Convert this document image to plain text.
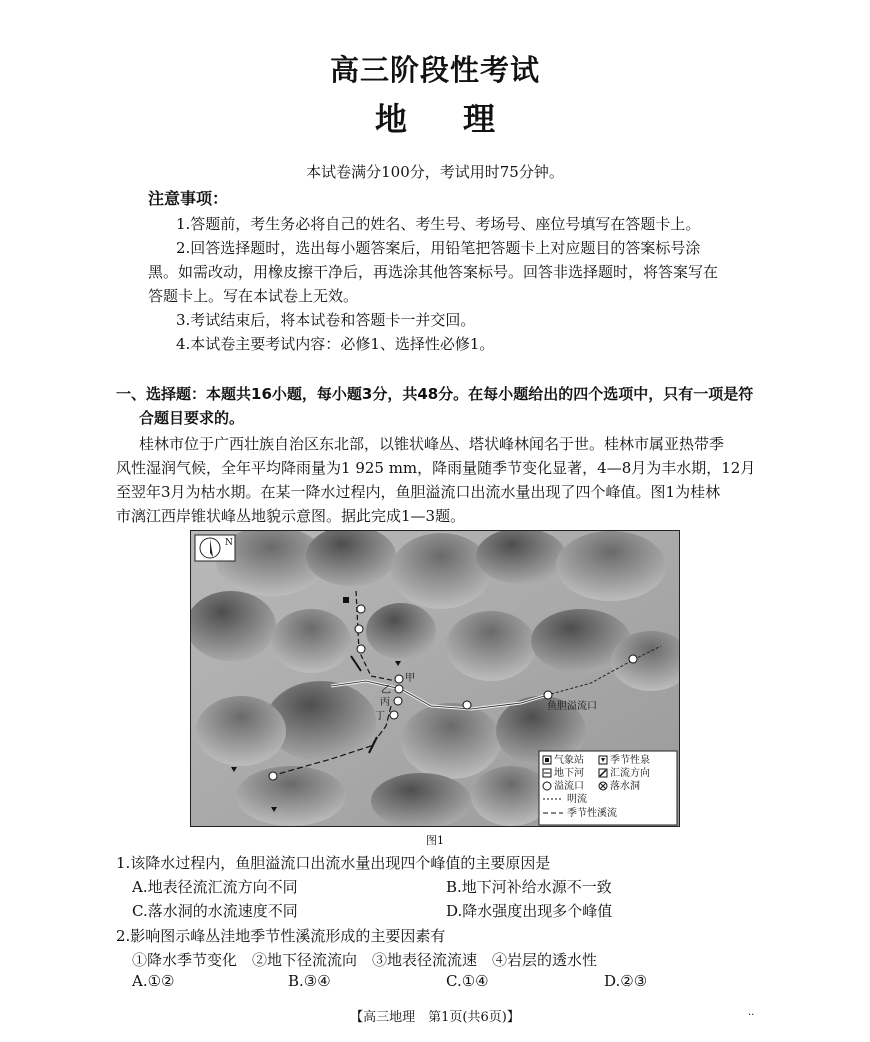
高三阶段性考试
地理
本试卷满分100分，考试用时75分钟。
注意事项：
1.答题前，考生务必将自己的姓名、考生号、考场号、座位号填写在答题卡上。
2.回答选择题时，选出每小题答案后，用铅笔把答题卡上对应题目的答案标号涂
黑。如需改动，用橡皮擦干净后，再选涂其他答案标号。回答非选择题时，将答案写在
答题卡上。写在本试卷上无效。
3.考试结束后，将本试卷和答题卡一并交回。
4.本试卷主要考试内容：必修1、选择性必修1。
一、选择题：本题共16小题，每小题3分，共48分。在每小题给出的四个选项中，只有一项是符
合题目要求的。
桂林市位于广西壮族自治区东北部，以锥状峰丛、塔状峰林闻名于世。桂林市属亚热带季
风性湿润气候，全年平均降雨量为1 925 mm，降雨量随季节变化显著，4—8月为丰水期，12月
至翌年3月为枯水期。在某一降水过程内，鱼胆溢流口出流水量出现了四个峰值。图1为桂林
市漓江西岸锥状峰丛地貌示意图。据此完成1—3题。
N
甲
乙
丙
丁
鱼胆溢流口
气象站	季节性泉
地下河	汇流方向
溢流口	落水洞
明流
季节性溪流
图1
1.该降水过程内，鱼胆溢流口出流水量出现四个峰值的主要原因是
A.地表径流汇流方向不同	B.地下河补给水源不一致
C.落水洞的水流速度不同	D.降水强度出现多个峰值
2.影响图示峰丛洼地季节性溪流形成的主要因素有
①降水季节变化　②地下径流流向　③地表径流流速　④岩层的透水性
A.①②	B.③④	C.①④	D.②③
【高三地理　第1页(共6页)】	··
